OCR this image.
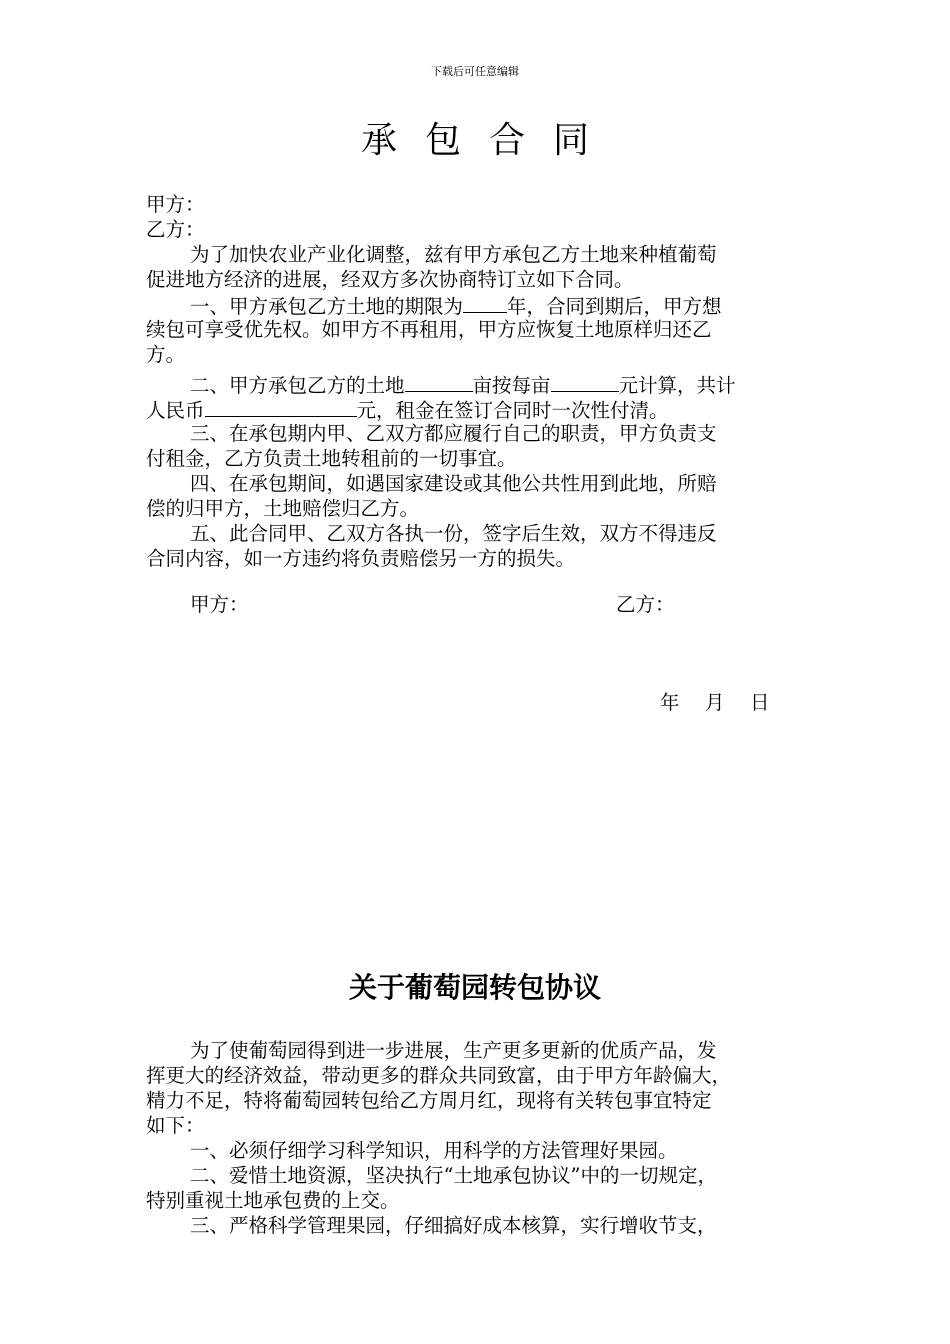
下载后可任意编辑
承包合同
甲方：
乙方：
为了加快农业产业化调整，兹有甲方承包乙方土地来种植葡萄
促进地方经济的进展，经双方多次协商特订立如下合同。
一、甲方承包乙方土地的期限为 年，合同到期后，甲方想
续包可享受优先权。如甲方不再租用，甲方应恢复土地原样归还乙
方。
二、甲方承包乙方的土地	亩按每亩	元计算，共计
人民币	元，租金在签订合同时一次性付清。
三、在承包期内甲、乙双方都应履行自己的职责，甲方负责支
付租金，乙方负责土地转租前的一切事宜。
四、在承包期间，如遇国家建设或其他公共性用到此地，所赔
偿的归甲方，土地赔偿归乙方。
五、此合同甲、乙双方各执一份，签字后生效，双方不得违反
合同内容，如一方违约将负责赔偿另一方的损失。
甲方：	乙方：
年 月 日
关于葡萄园转包协议
为了使葡萄园得到进一步进展，生产更多更新的优质产品，发
挥更大的经济效益，带动更多的群众共同致富，由于甲方年龄偏大，
精力不足，特将葡萄园转包给乙方周月红，现将有关转包事宜特定
如下：
一、必须仔细学习科学知识，用科学的方法管理好果园。
二、爱惜土地资源，坚决执行“土地承包协议”中的一切规定，
特别重视土地承包费的上交。
三、严格科学管理果园，仔细搞好成本核算，实行增收节支，
